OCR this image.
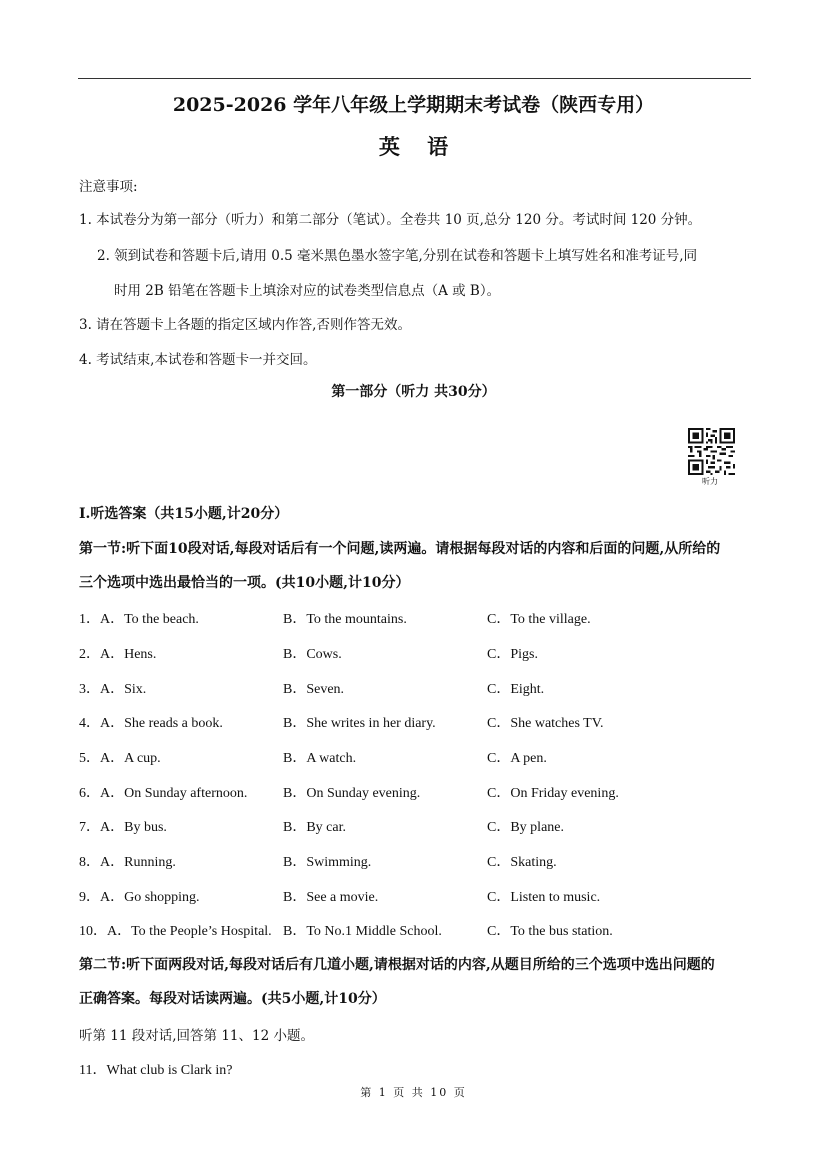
2025-2026 学年八年级上学期期末考试卷（陕西专用）
英 语
注意事项:
1. 本试卷分为第一部分（听力）和第二部分（笔试）。全卷共 10 页,总分 120 分。考试时间 120 分钟。
2. 领到试卷和答题卡后,请用 0.5 毫米黑色墨水签字笔,分别在试卷和答题卡上填写姓名和准考证号,同
时用 2B 铅笔在答题卡上填涂对应的试卷类型信息点（A 或 B）。
3. 请在答题卡上各题的指定区域内作答,否则作答无效。
4. 考试结束,本试卷和答题卡一并交回。
第一部分（听力 共30分）
听力
I.听选答案（共15小题,计20分）
第一节:听下面10段对话,每段对话后有一个问题,读两遍。请根据每段对话的内容和后面的问题,从所给的
三个选项中选出最恰当的一项。(共10小题,计10分）
1．A．To the beach.	B．To the mountains.	C．To the village.
2．A．Hens.	B．Cows.	C．Pigs.
3．A．Six.	B．Seven.	C．Eight.
4．A．She reads a book.	B．She writes in her diary.	C．She watches TV.
5．A．A cup.	B．A watch.	C．A pen.
6．A．On Sunday afternoon.	B．On Sunday evening.	C．On Friday evening.
7．A．By bus.	B．By car.	C．By plane.
8．A．Running.	B．Swimming.	C．Skating.
9．A．Go shopping.	B．See a movie.	C．Listen to music.
10．A．To the People’s Hospital. B．To No.1 Middle School.	C．To the bus station.
第二节:听下面两段对话,每段对话后有几道小题,请根据对话的内容,从题目所给的三个选项中选出问题的
正确答案。每段对话读两遍。(共5小题,计10分）
听第 11 段对话,回答第 11、12 小题。
11．What club is Clark in?
第 1 页 共 10 页
